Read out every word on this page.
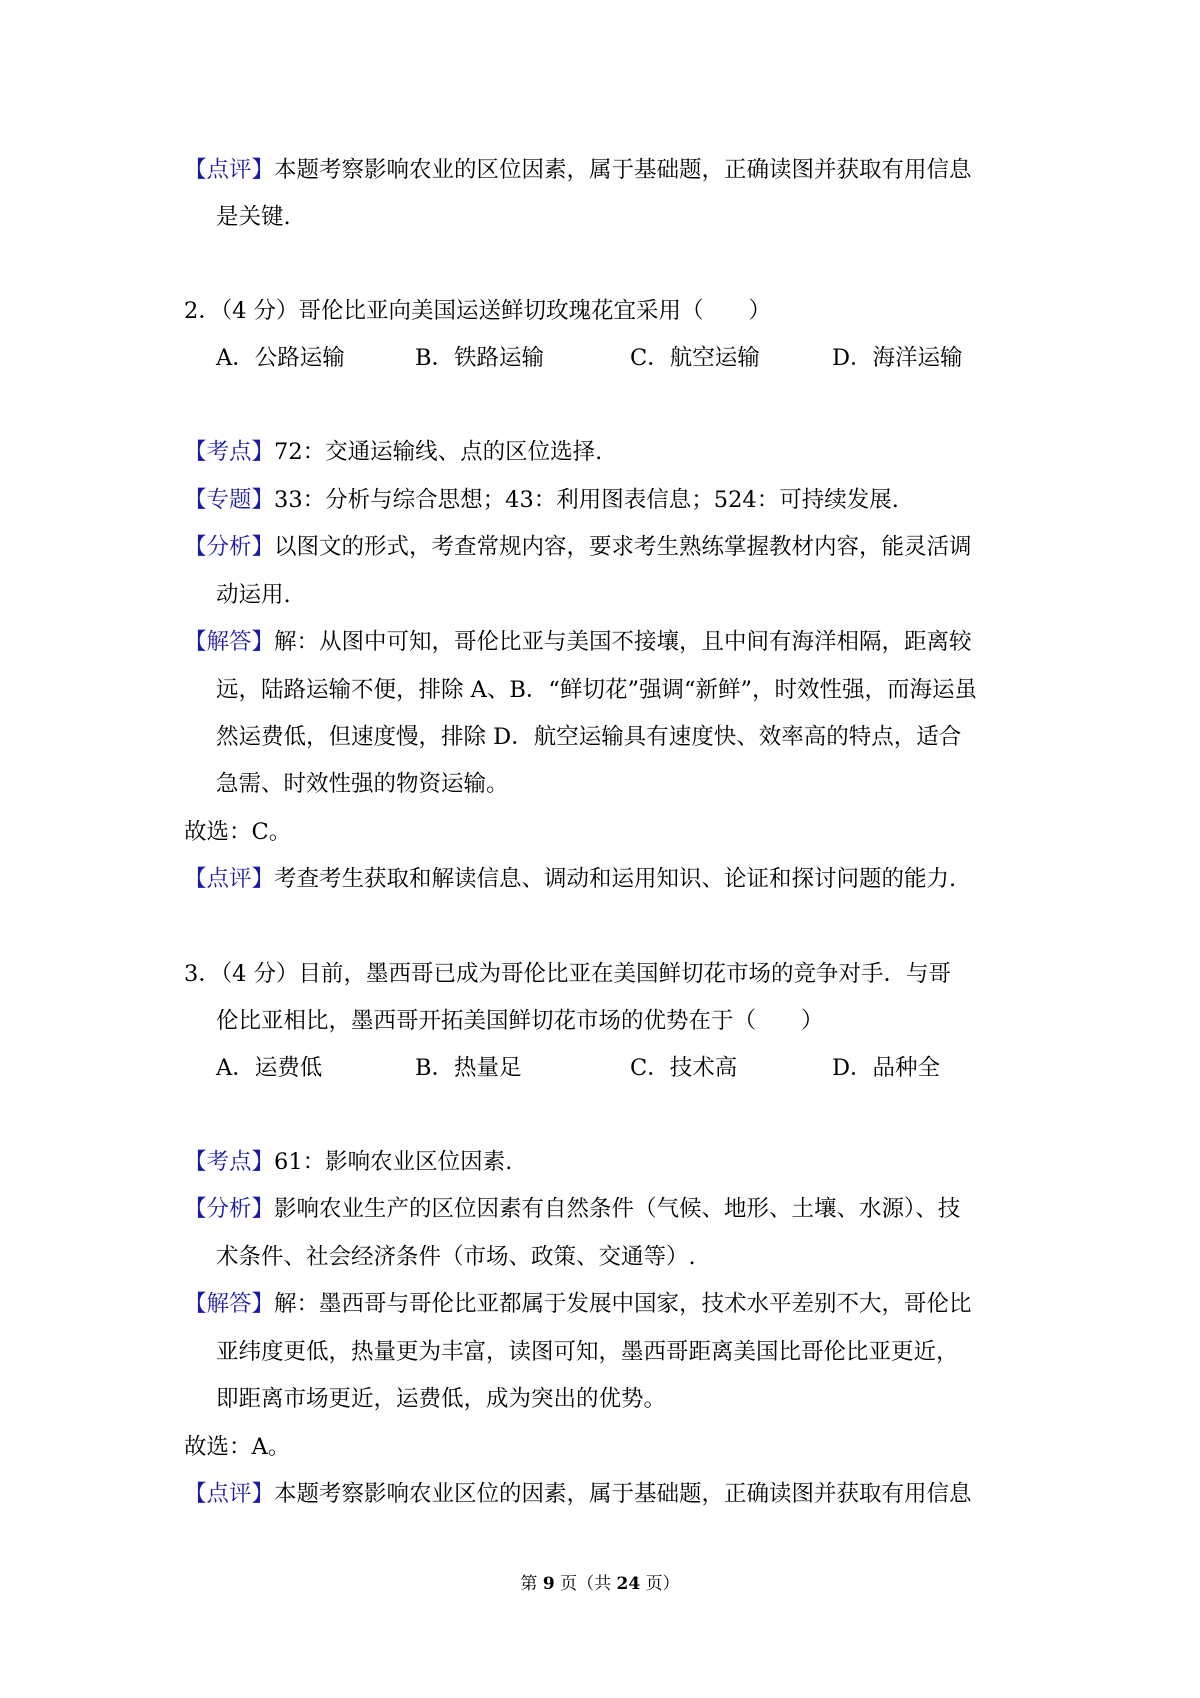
【点评】本题考察影响农业的区位因素，属于基础题，正确读图并获取有用信息
是关键.
2．（4 分）哥伦比亚向美国运送鲜切玫瑰花宜采用（　　）
A．公路运输	B．铁路运输	C．航空运输	D．海洋运输
【考点】72：交通运输线、点的区位选择.
【专题】33：分析与综合思想；43：利用图表信息；524：可持续发展.
【分析】以图文的形式，考查常规内容，要求考生熟练掌握教材内容，能灵活调
动运用.
【解答】解：从图中可知，哥伦比亚与美国不接壤，且中间有海洋相隔，距离较
远，陆路运输不便，排除 A、B．“鲜切花”强调“新鲜”，时效性强，而海运虽
然运费低，但速度慢，排除 D．航空运输具有速度快、效率高的特点，适合
急需、时效性强的物资运输。
故选：C。
【点评】考查考生获取和解读信息、调动和运用知识、论证和探讨问题的能力.
3．（4 分）目前，墨西哥已成为哥伦比亚在美国鲜切花市场的竞争对手．与哥
伦比亚相比，墨西哥开拓美国鲜切花市场的优势在于（　　）
A．运费低	B．热量足	C．技术高	D．品种全
【考点】61：影响农业区位因素.
【分析】影响农业生产的区位因素有自然条件（气候、地形、土壤、水源）、技
术条件、社会经济条件（市场、政策、交通等）.
【解答】解：墨西哥与哥伦比亚都属于发展中国家，技术水平差别不大，哥伦比
亚纬度更低，热量更为丰富，读图可知，墨西哥距离美国比哥伦比亚更近，
即距离市场更近，运费低，成为突出的优势。
故选：A。
【点评】本题考察影响农业区位的因素，属于基础题，正确读图并获取有用信息
第 9 页（共 24 页）
